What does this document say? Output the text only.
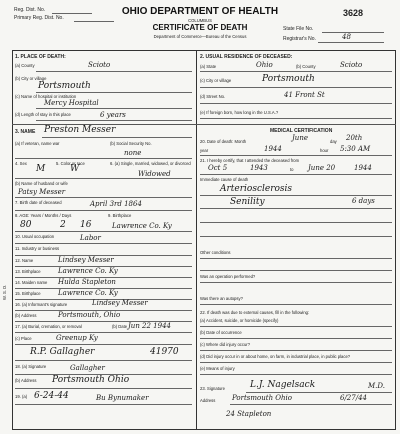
Reg. Dist. No.
Primary Reg. Dist. No.
OHIO DEPARTMENT OF HEALTH
COLUMBUS
CERTIFICATE OF DEATH
Department of Commerce—Bureau of the Census
3628
State File No.
Registrar's No.	48
1. PLACE OF DEATH:
(a) County	Scioto
(b) City or village
Portsmouth
(c) Name of hospital or institution
Mercy Hospital
(d) Length of stay in this place	6 years
3. NAME Preston Messer
(a) If veteran, name war	(b) Social Security No.
none
4. Sex
M
5. Color or race
W
6. (a) Single, married, widowed, or divorced
Widowed
(b) Name of husband or wife
Patsy Messer
7. Birth date of deceased	April 3rd 1864
8. AGE: Years / Months / Days
80	2 16
9. Birthplace
Lawrence Co. Ky
10. Usual occupation	Labor
11. Industry or business
12. Name	Lindsey Messer
13. Birthplace Lawrence Co. Ky
14. Maiden name Hulda Stapleton
15. Birthplace Lawrence Co. Ky
16. (a) Informant's signature	Lindsey Messer
(b) Address	Portsmouth, Ohio
17. (a) Burial, cremation, or removal	(b) Date Jun 22 1944
(c) Place	Greenup Ky
R.P. Gallagher	41970
18. (a) Signature	Gallagher
(b) Address Portsmouth Ohio
19. (a) 6-24-44	Bu Bynumaker
2. USUAL RESIDENCE OF DECEASED:
(a) State	Ohio	(b) County	Scioto
(c) City or village	Portsmouth
(d) Street No.	41 Front St
(e) If foreign born, how long in the U.S.A.?
MEDICAL CERTIFICATION
20. Date of death: Month	June	day 20th
year	1944	hour 5:30 AM
21. I hereby certify, that I attended the deceased from
Oct 5	1943	to June 20	1944
Immediate cause of death
Arteriosclerosis
Senility	6 days
Other conditions
Was an operation performed?
Was there an autopsy?
22. If death was due to external causes, fill in the following:
(a) Accident, suicide, or homicide (specify)
(b) Date of occurrence
(c) Where did injury occur?
(d) Did injury occur in or about home, on farm, in industrial place, in public place?
(e) Means of injury
23. Signature	L.J. Nagelsack	M.D.
Address Portsmouth Ohio	6/27/44
24 Stapleton
W. S. D.
